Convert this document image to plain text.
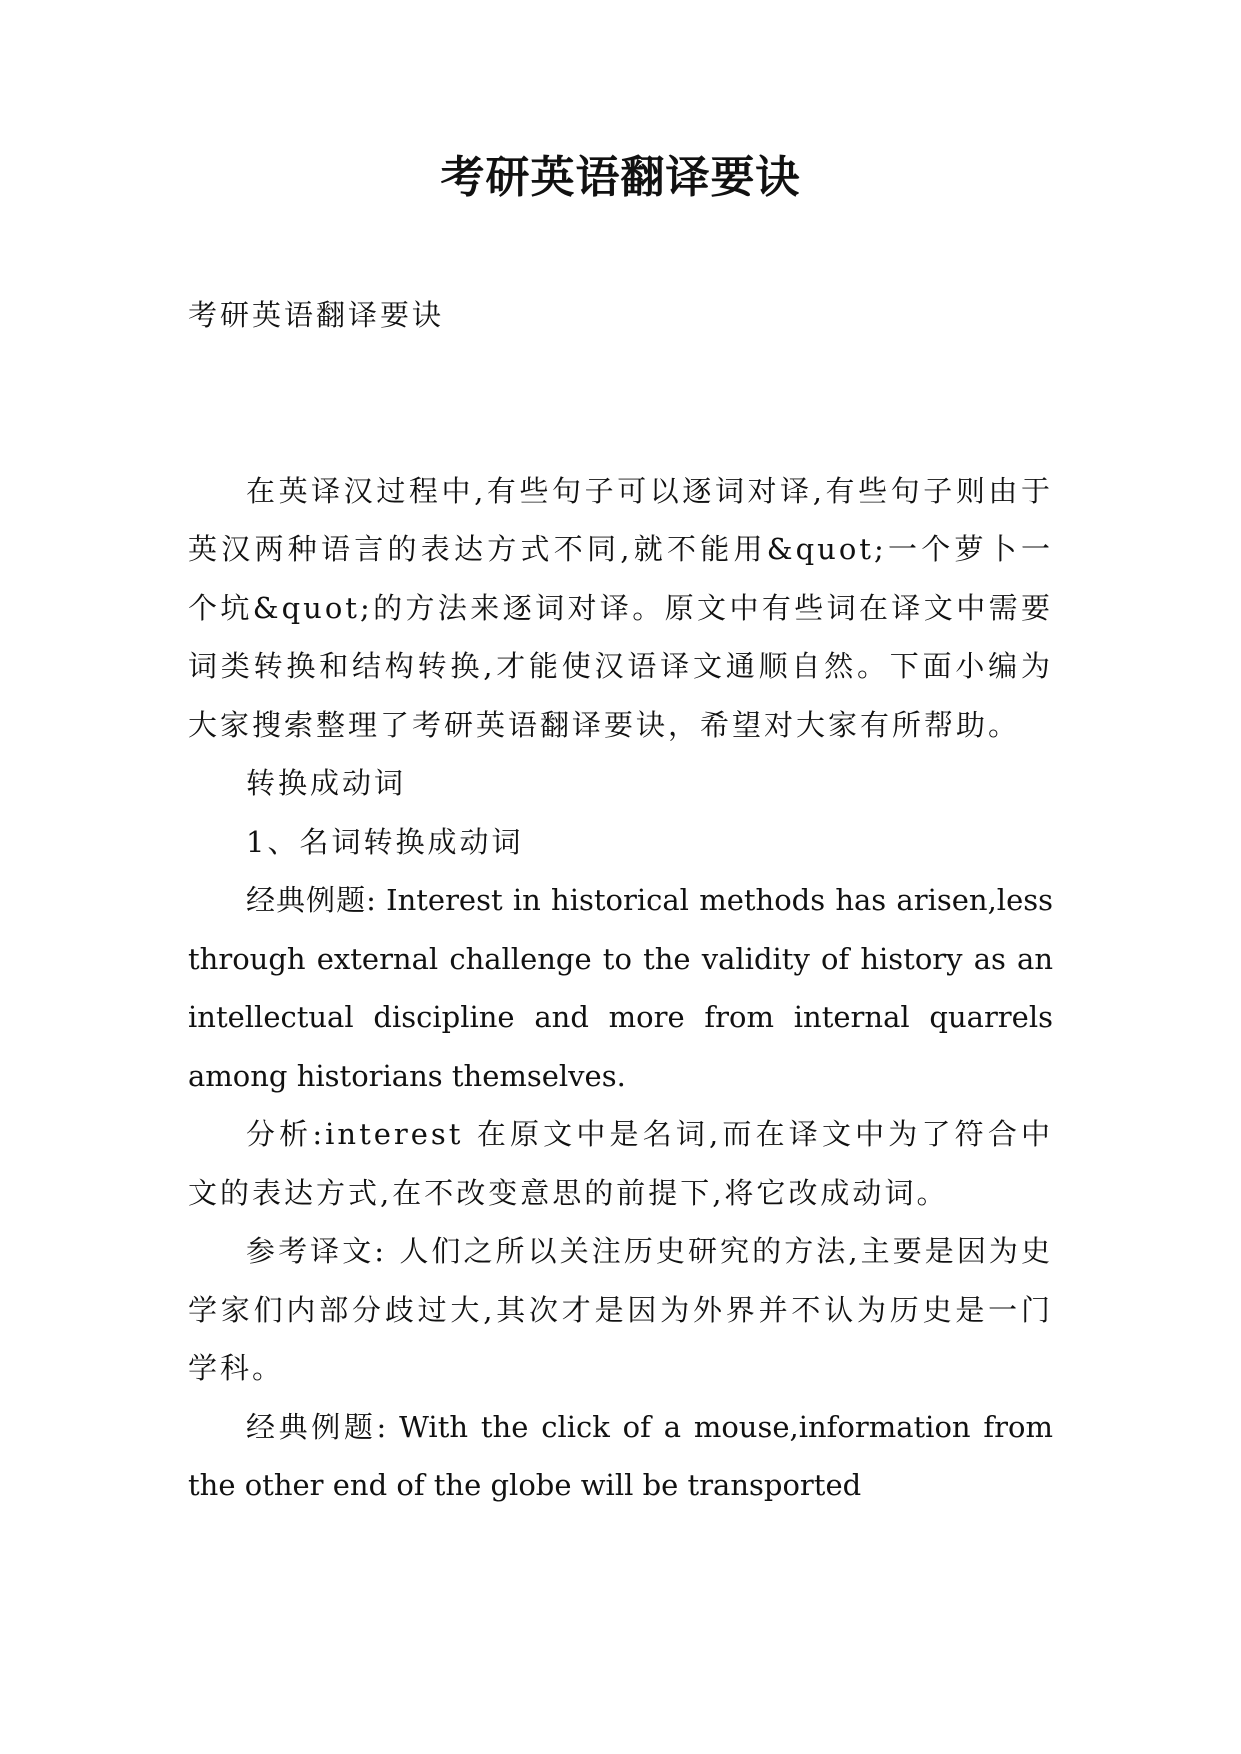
考研英语翻译要诀

考研英语翻译要诀

在英译汉过程中,有些句子可以逐词对译,有些句子则由于英汉两种语言的表达方式不同,就不能用&quot;一个萝卜一个坑&quot;的方法来逐词对译。原文中有些词在译文中需要词类转换和结构转换,才能使汉语译文通顺自然。下面小编为大家搜索整理了考研英语翻译要诀，希望对大家有所帮助。

转换成动词

1、名词转换成动词

经典例题: Interest in historical methods has arisen,less through external challenge to the validity of history as an intellectual discipline and more from internal quarrels among historians themselves.

分析:interest 在原文中是名词,而在译文中为了符合中文的表达方式,在不改变意思的前提下,将它改成动词。

参考译文: 人们之所以关注历史研究的方法,主要是因为史学家们内部分歧过大,其次才是因为外界并不认为历史是一门学科。

经典例题: With the click of a mouse,information from the other end of the globe will be transported
